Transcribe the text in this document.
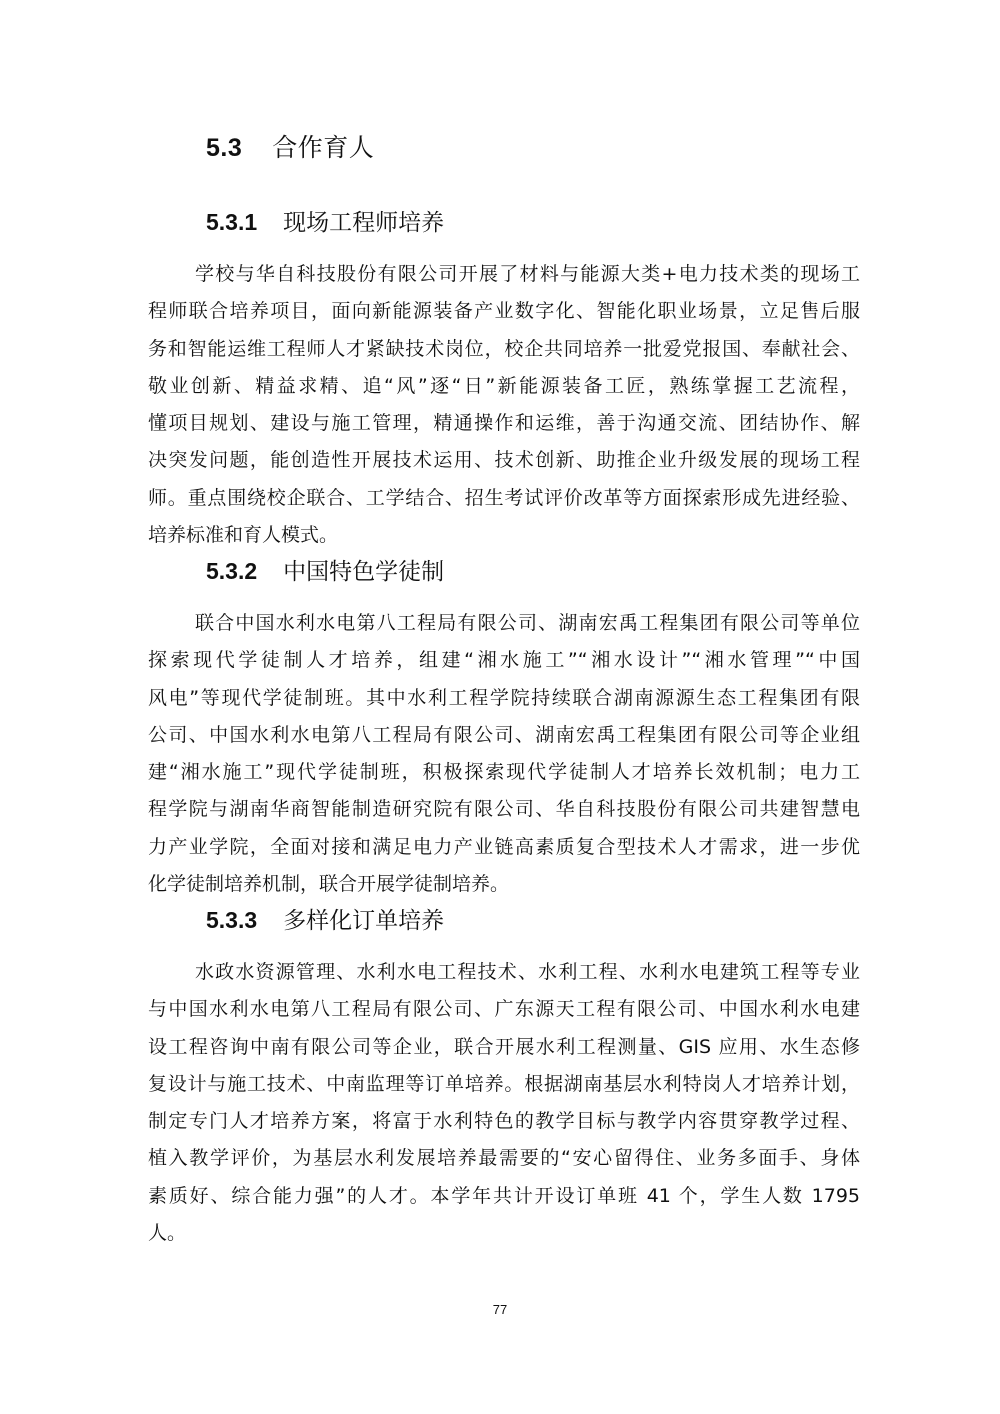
5.3 合作育人
5.3.1 现场工程师培养
学校与华自科技股份有限公司开展了材料与能源大类+电力技术类的现场工
程师联合培养项目，面向新能源装备产业数字化、智能化职业场景，立足售后服
务和智能运维工程师人才紧缺技术岗位，校企共同培养一批爱党报国、奉献社会、
敬业创新、精益求精、追“风”逐“日”新能源装备工匠，熟练掌握工艺流程，
懂项目规划、建设与施工管理，精通操作和运维，善于沟通交流、团结协作、解
决突发问题，能创造性开展技术运用、技术创新、助推企业升级发展的现场工程
师。重点围绕校企联合、工学结合、招生考试评价改革等方面探索形成先进经验、
培养标准和育人模式。
5.3.2 中国特色学徒制
联合中国水利水电第八工程局有限公司、湖南宏禹工程集团有限公司等单位
探索现代学徒制人才培养，组建“湘水施工”“湘水设计”“湘水管理”“中国
风电”等现代学徒制班。其中水利工程学院持续联合湖南源源生态工程集团有限
公司、中国水利水电第八工程局有限公司、湖南宏禹工程集团有限公司等企业组
建“湘水施工”现代学徒制班，积极探索现代学徒制人才培养长效机制；电力工
程学院与湖南华商智能制造研究院有限公司、华自科技股份有限公司共建智慧电
力产业学院，全面对接和满足电力产业链高素质复合型技术人才需求，进一步优
化学徒制培养机制，联合开展学徒制培养。
5.3.3 多样化订单培养
水政水资源管理、水利水电工程技术、水利工程、水利水电建筑工程等专业
与中国水利水电第八工程局有限公司、广东源天工程有限公司、中国水利水电建
设工程咨询中南有限公司等企业，联合开展水利工程测量、GIS 应用、水生态修
复设计与施工技术、中南监理等订单培养。根据湖南基层水利特岗人才培养计划，
制定专门人才培养方案，将富于水利特色的教学目标与教学内容贯穿教学过程、
植入教学评价，为基层水利发展培养最需要的“安心留得住、业务多面手、身体
素质好、综合能力强”的人才。本学年共计开设订单班 41 个，学生人数 1795
人。
77
